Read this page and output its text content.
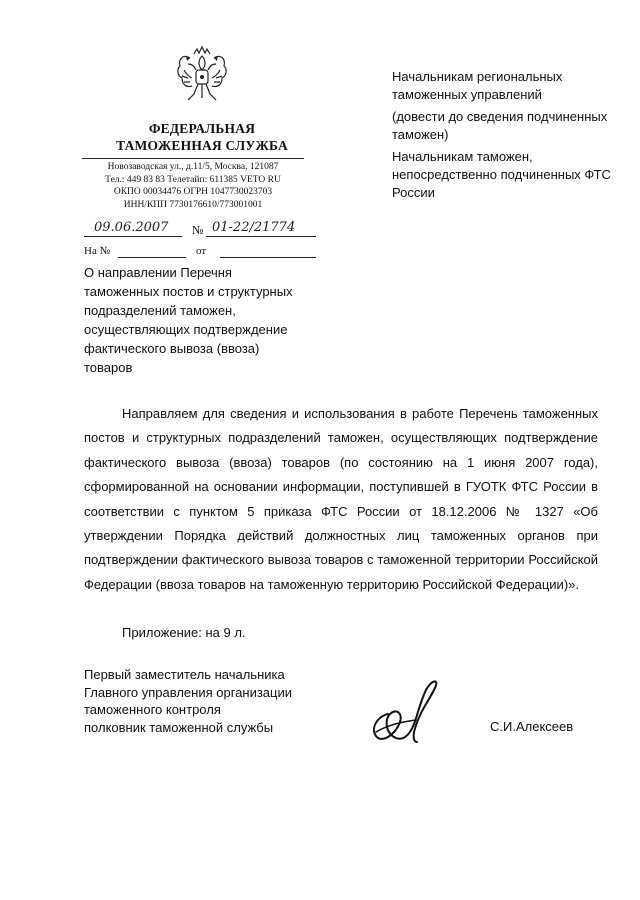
ФЕДЕРАЛЬНАЯ
ТАМОЖЕННАЯ СЛУЖБА
Новозаводская ул., д.11/5, Москва, 121087
Тел.: 449 83 83 Телетайп: 611385 VETO RU
ОКПО 00034476 ОГРН 1047730023703
ИНН/КПП 7730176610/773001001
09.06.2007 № 01-22/21774
На №	от
О направлении Перечня
таможенных постов и структурных
подразделений таможен,
осуществляющих подтверждение
фактического вывоза (ввоза)
товаров
Начальникам региональных таможенных управлений
(довести до сведения подчиненных таможен)
Начальникам таможен, непосредственно подчиненных ФТС России
Направляем для сведения и использования в работе Перечень таможенных постов и структурных подразделений таможен, осуществляющих подтверждение фактического вывоза (ввоза) товаров (по состоянию на 1 июня 2007 года), сформированной на основании информации, поступившей в ГУОТК ФТС России в соответствии с пунктом 5 приказа ФТС России от 18.12.2006 № 1327 «Об утверждении Порядка действий должностных лиц таможенных органов при подтверждении фактического вывоза товаров с таможенной территории Российской Федерации (ввоза товаров на таможенную территорию Российской Федерации)».
Приложение: на 9 л.
Первый заместитель начальника
Главного управления организации
таможенного контроля
полковник таможенной службы	С.И.Алексеев
